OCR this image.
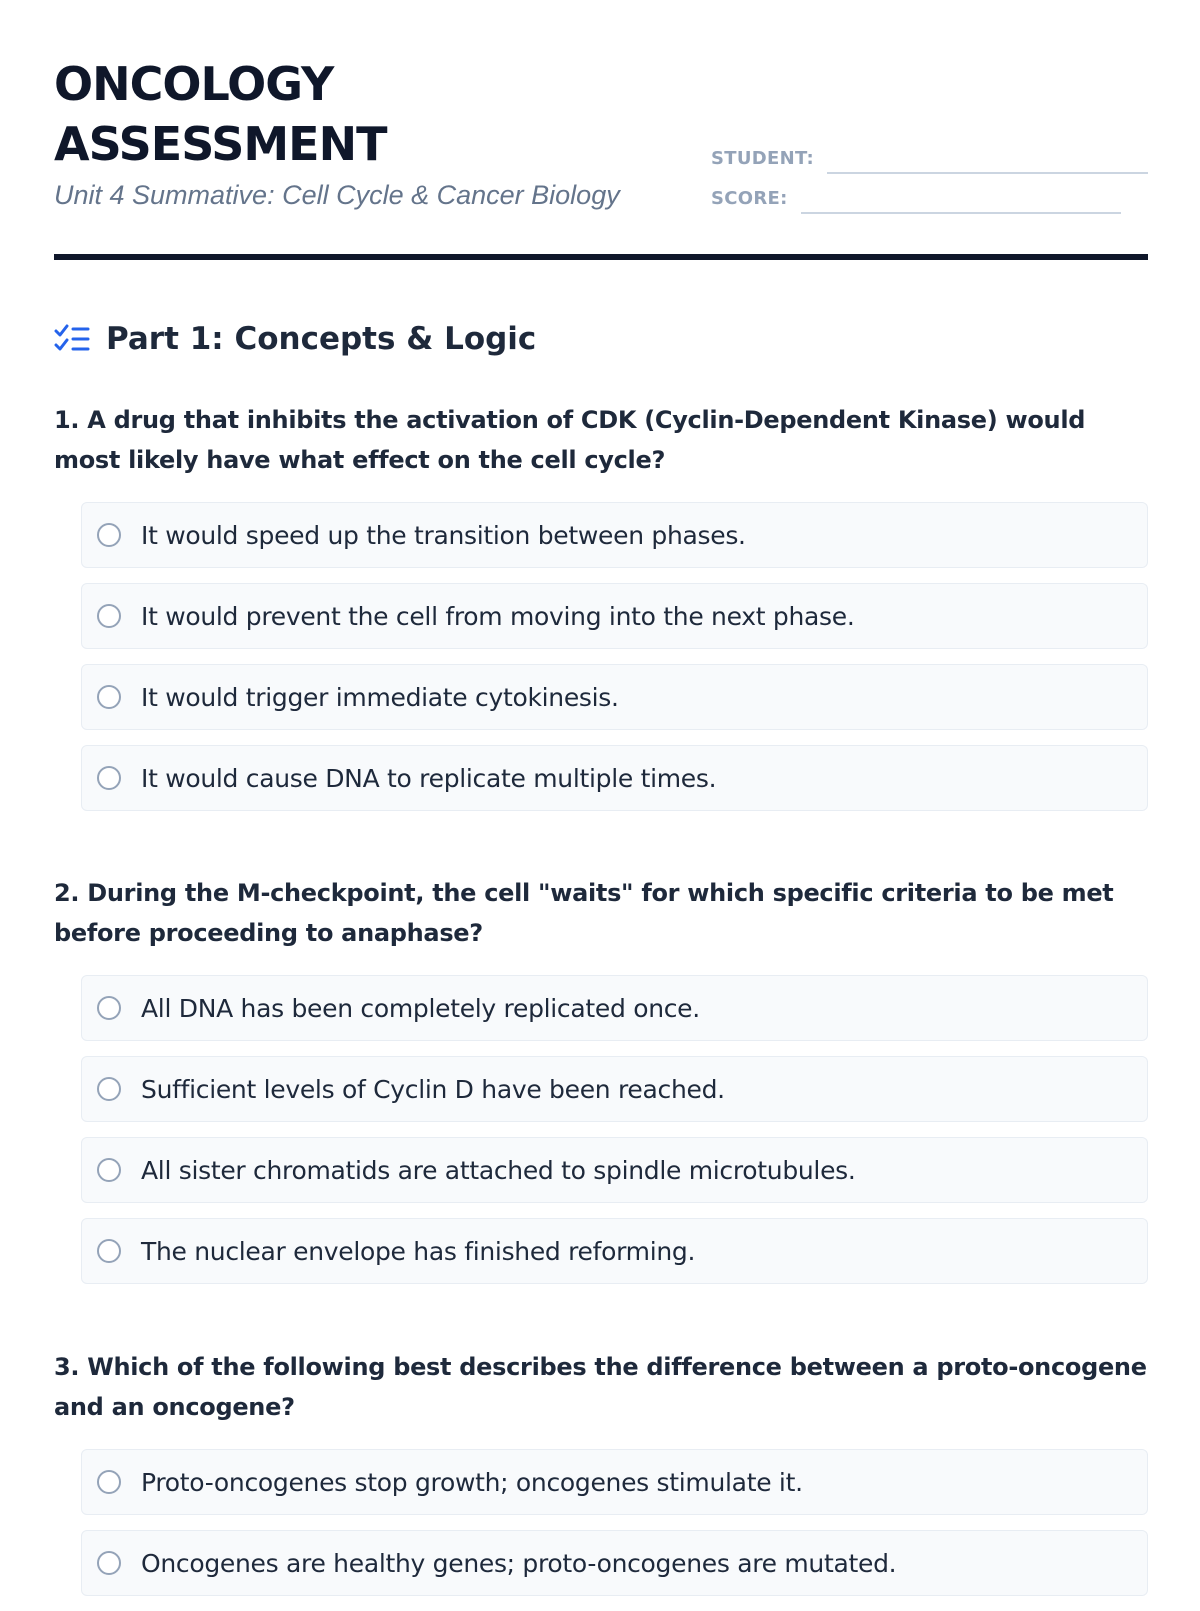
ONCOLOGY
ASSESSMENT
Unit 4 Summative: Cell Cycle & Cancer Biology
STUDENT:
SCORE:
Part 1: Concepts & Logic

1. A drug that inhibits the activation of CDK (Cyclin-Dependent Kinase) would most likely have what effect on the cell cycle?

It would speed up the transition between phases.
It would prevent the cell from moving into the next phase.
It would trigger immediate cytokinesis.
It would cause DNA to replicate multiple times.

2. During the M-checkpoint, the cell "waits" for which specific criteria to be met before proceeding to anaphase?

All DNA has been completely replicated once.
Sufficient levels of Cyclin D have been reached.
All sister chromatids are attached to spindle microtubules.
The nuclear envelope has finished reforming.

3. Which of the following best describes the difference between a proto-oncogene and an oncogene?

Proto-oncogenes stop growth; oncogenes stimulate it.
Oncogenes are healthy genes; proto-oncogenes are mutated.
